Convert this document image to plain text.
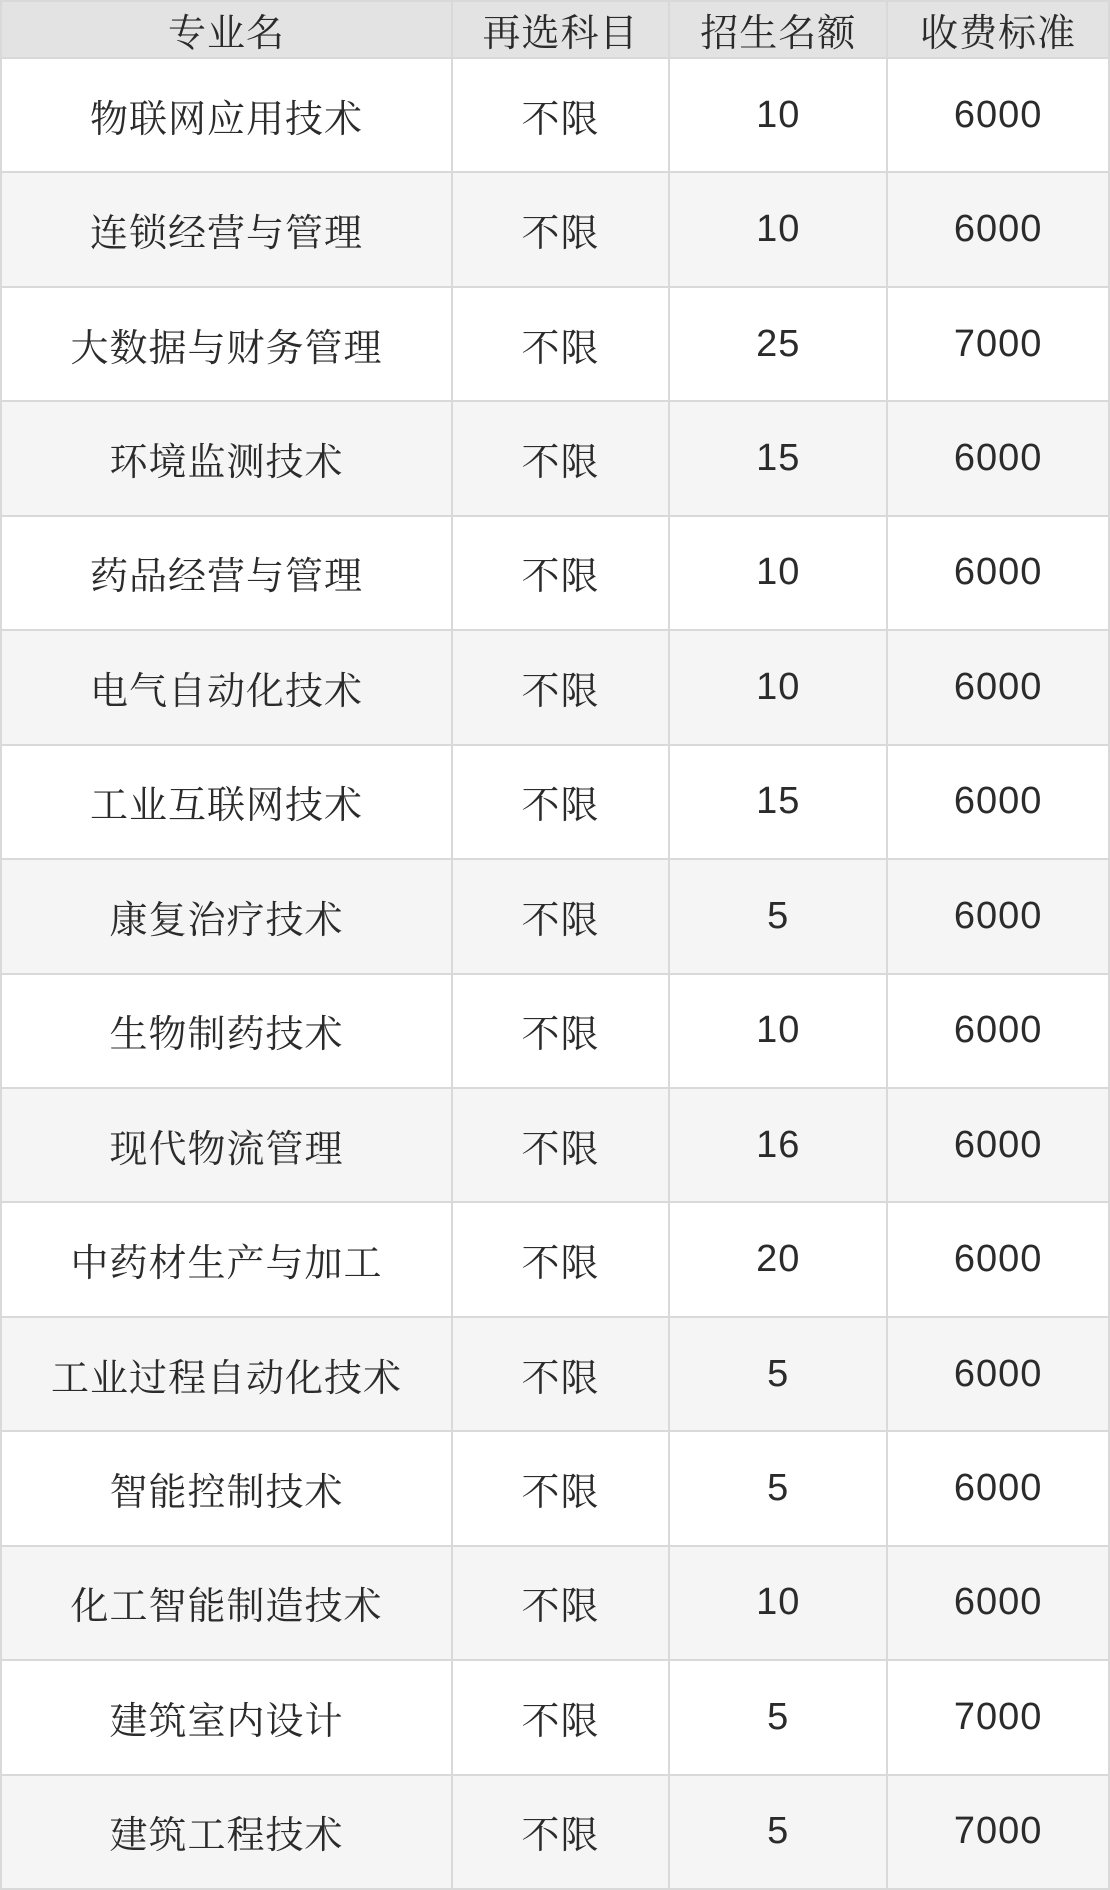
专业名	再选科目	招生名额	收费标准
物联网应用技术	不限	10	6000
连锁经营与管理	不限	10	6000
大数据与财务管理	不限	25	7000
环境监测技术	不限	15	6000
药品经营与管理	不限	10	6000
电气自动化技术	不限	10	6000
工业互联网技术	不限	15	6000
康复治疗技术	不限	5	6000
生物制药技术	不限	10	6000
现代物流管理	不限	16	6000
中药材生产与加工	不限	20	6000
工业过程自动化技术	不限	5	6000
智能控制技术	不限	5	6000
化工智能制造技术	不限	10	6000
建筑室内设计	不限	5	7000
建筑工程技术	不限	5	7000
